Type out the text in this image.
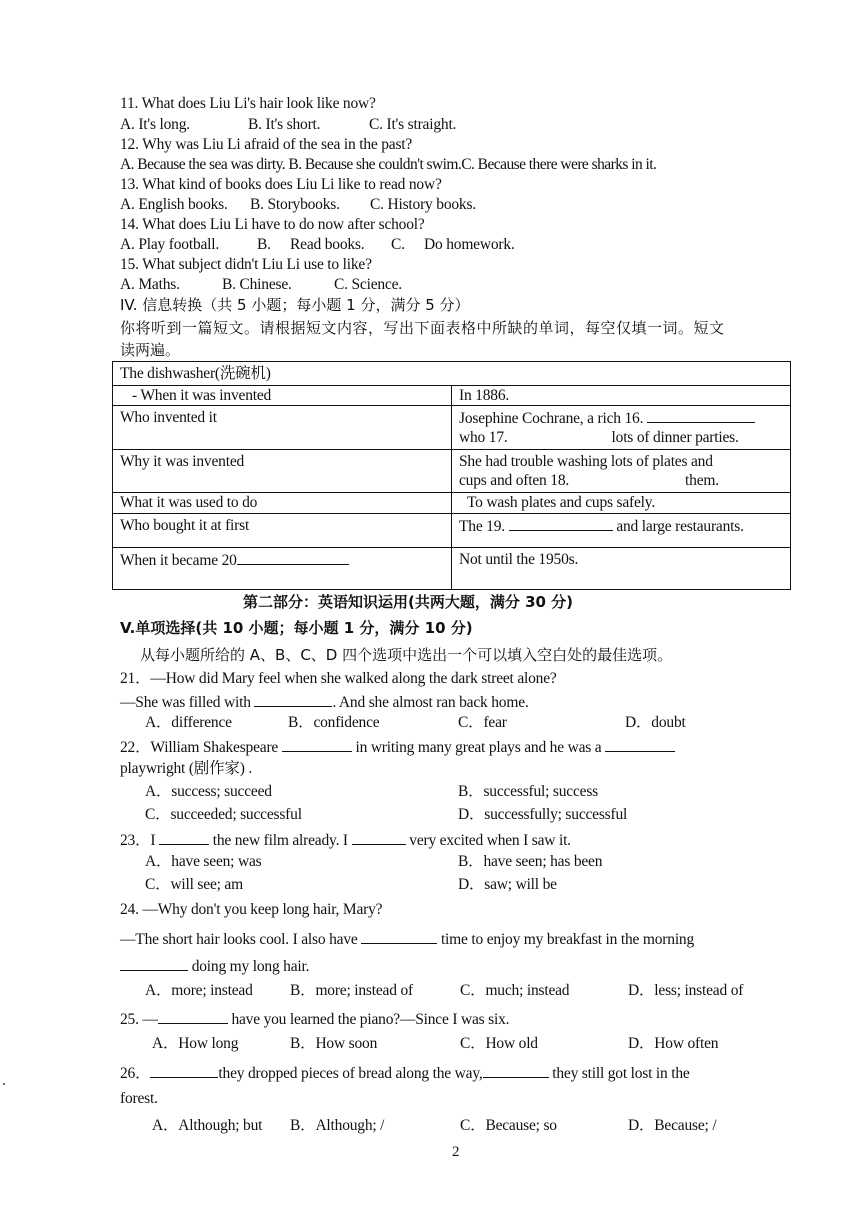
11. What does Liu Li's hair look like now?
A. It's long.	B. It's short.	C. It's straight.
12. Why was Liu Li afraid of the sea in the past?
A. Because the sea was dirty. B. Because she couldn't swim.C. Because there were sharks in it.
13. What kind of books does Liu Li like to read now?
A. English books. B. Storybooks. C. History books.
14. What does Liu Li have to do now after school?
A. Play football. B. Read books. C. Do homework.
15. What subject didn't Liu Li use to like?
A. Maths.	B. Chinese.	C. Science.
IV. 信息转换（共 5 小题；每小题 1 分，满分 5 分）
你将听到一篇短文。请根据短文内容，写出下面表格中所缺的单词，每空仅填一词。短文
读两遍。
The dishwasher(洗碗机)	
- When it was invented	In 1886.
Who invented it	Josephine Cochrane, a rich 16.
who 17. lots of dinner parties.

Why it was invented	She had trouble washing lots of plates and
cups and often 18. them.

What it was used to do	To wash plates and cups safely.
Who bought it at first	The 19. and large restaurants.
When it became 20	Not until the 1950s.
第二部分：英语知识运用(共两大题，满分 30 分)
V.单项选择(共 10 小题；每小题 1 分，满分 10 分)
从每小题所给的 A、B、C、D 四个选项中选出一个可以填入空白处的最佳选项。
21．—How did Mary feel when she walked along the dark street alone?
—She was filled with	. And she almost ran back home.
A．difference	B．confidence	C．fear	D．doubt
22．William Shakespeare	in writing many great plays and he was a
playwright (剧作家) .
A．success; succeed	B．successful; success
C．succeeded; successful	D．successfully; successful
23．I	the new film already. I	very excited when I saw it.
A．have seen; was	B．have seen; has been
C．will see; am	D．saw; will be
24. —Why don't you keep long hair, Mary?
—The short hair looks cool. I also have	time to enjoy my breakfast in the morning
doing my long hair.
A．more; instead B．more; instead of	C．much; instead	D．less; instead of
25. —	have you learned the piano?—Since I was six.
A．How long	B．How soon	C．How old	D．How often
26．	they dropped pieces of bread along the way,	they still got lost in the
forest.
A．Although; but B．Although; /	C．Because; so	D．Because; /
2
